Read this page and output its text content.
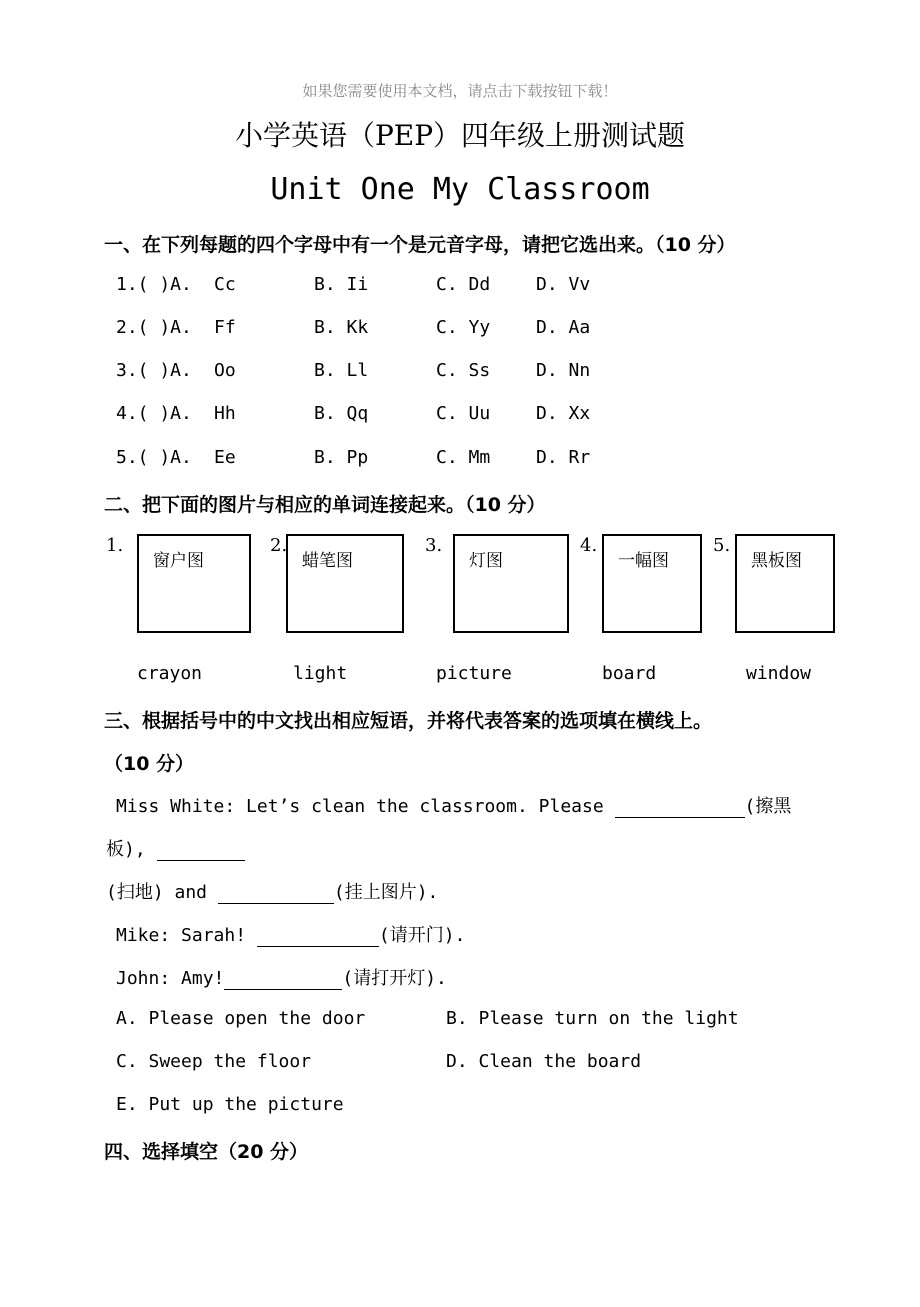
如果您需要使用本文档，请点击下载按钮下载！
小学英语（PEP）四年级上册测试题
Unit One My Classroom
一、在下列每题的四个字母中有一个是元音字母，请把它选出来。（10 分）
1.( )A. Cc	B. Ii	C. Dd	D. Vv
2.( )A. Ff	B. Kk	C. Yy	D. Aa
3.( )A. Oo	B. Ll	C. Ss	D. Nn
4.( )A. Hh	B. Qq	C. Uu	D. Xx
5.( )A. Ee	B. Pp	C. Mm	D. Rr
二、把下面的图片与相应的单词连接起来。（10 分）
1.
窗户图
2.
蜡笔图
3.
灯图
4.
一幅图
5.
黑板图
crayon	light	picture	board	window
三、根据括号中的中文找出相应短语，并将代表答案的选项填在横线上。
（10 分）
Miss White: Let’s clean the classroom. Please	(擦黑
板),
(扫地) and	(挂上图片).
Mike: Sarah!	(请开门).
John: Amy!	(请打开灯).
A. Please open the door	B. Please turn on the light
C. Sweep the floor	D. Clean the board
E. Put up the picture
四、选择填空（20 分）
